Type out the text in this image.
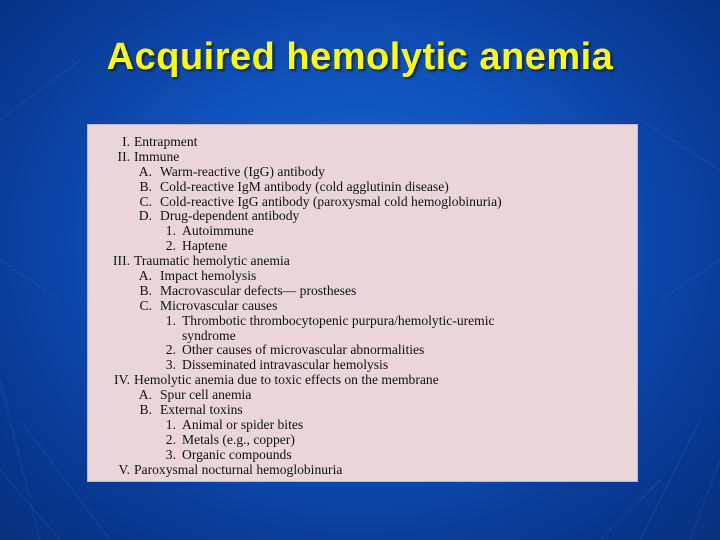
Acquired hemolytic anemia
I. Entrapment
II. Immune
A. Warm-reactive (IgG) antibody
B. Cold-reactive IgM antibody (cold agglutinin disease)
C. Cold-reactive IgG antibody (paroxysmal cold hemoglobinuria)
D. Drug-dependent antibody
1. Autoimmune
2. Haptene
III. Traumatic hemolytic anemia
A. Impact hemolysis
B. Macrovascular defects— prostheses
C. Microvascular causes
1. Thrombotic thrombocytopenic purpura/hemolytic-uremic
syndrome
2. Other causes of microvascular abnormalities
3. Disseminated intravascular hemolysis
IV. Hemolytic anemia due to toxic effects on the membrane
A. Spur cell anemia
B. External toxins
1. Animal or spider bites
2. Metals (e.g., copper)
3. Organic compounds
V. Paroxysmal nocturnal hemoglobinuria
